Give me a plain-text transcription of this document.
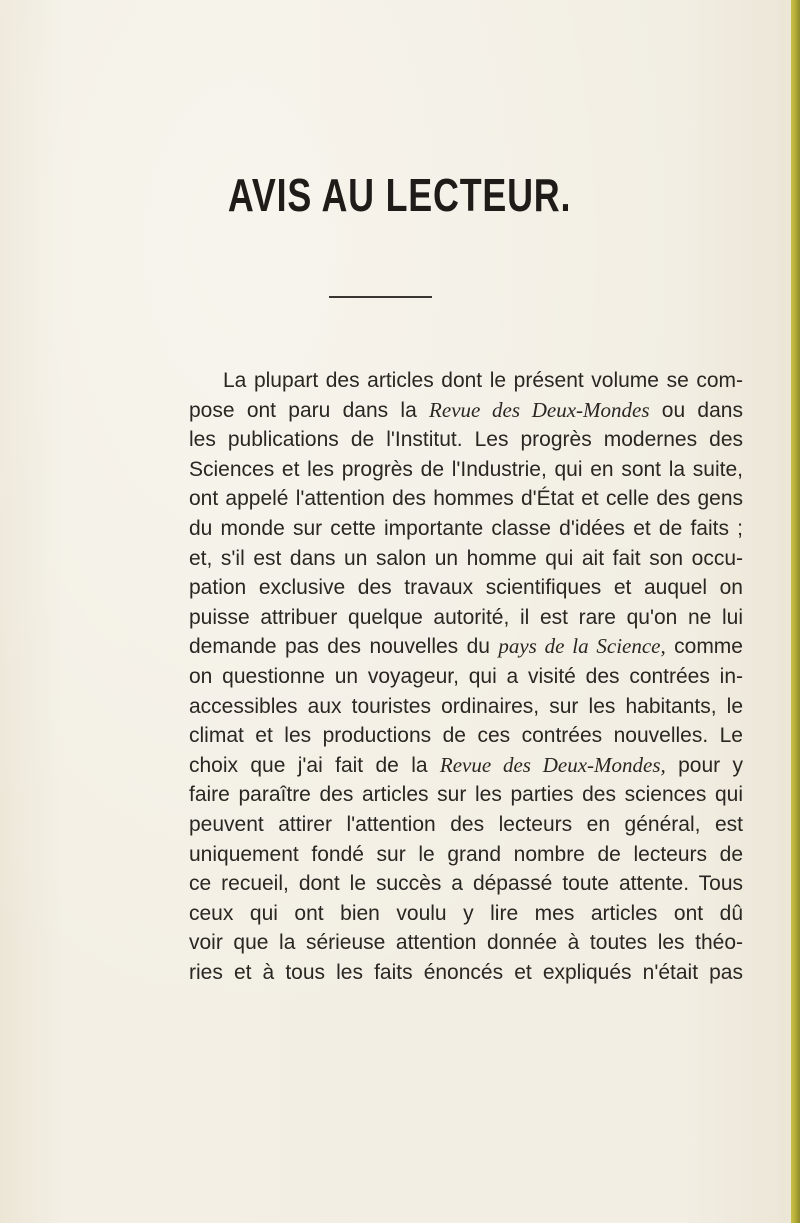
AVIS AU LECTEUR.
La plupart des articles dont le présent volume se com-
pose ont paru dans la Revue des Deux-Mondes ou dans
les publications de l'Institut. Les progrès modernes des
Sciences et les progrès de l'Industrie, qui en sont la suite,
ont appelé l'attention des hommes d'État et celle des gens
du monde sur cette importante classe d'idées et de faits ;
et, s'il est dans un salon un homme qui ait fait son occu-
pation exclusive des travaux scientifiques et auquel on
puisse attribuer quelque autorité, il est rare qu'on ne lui
demande pas des nouvelles du pays de la Science, comme
on questionne un voyageur, qui a visité des contrées in-
accessibles aux touristes ordinaires, sur les habitants, le
climat et les productions de ces contrées nouvelles. Le
choix que j'ai fait de la Revue des Deux-Mondes, pour y
faire paraître des articles sur les parties des sciences qui
peuvent attirer l'attention des lecteurs en général, est
uniquement fondé sur le grand nombre de lecteurs de
ce recueil, dont le succès a dépassé toute attente. Tous
ceux qui ont bien voulu y lire mes articles ont dû
voir que la sérieuse attention donnée à toutes les théo-
ries et à tous les faits énoncés et expliqués n'était pas
